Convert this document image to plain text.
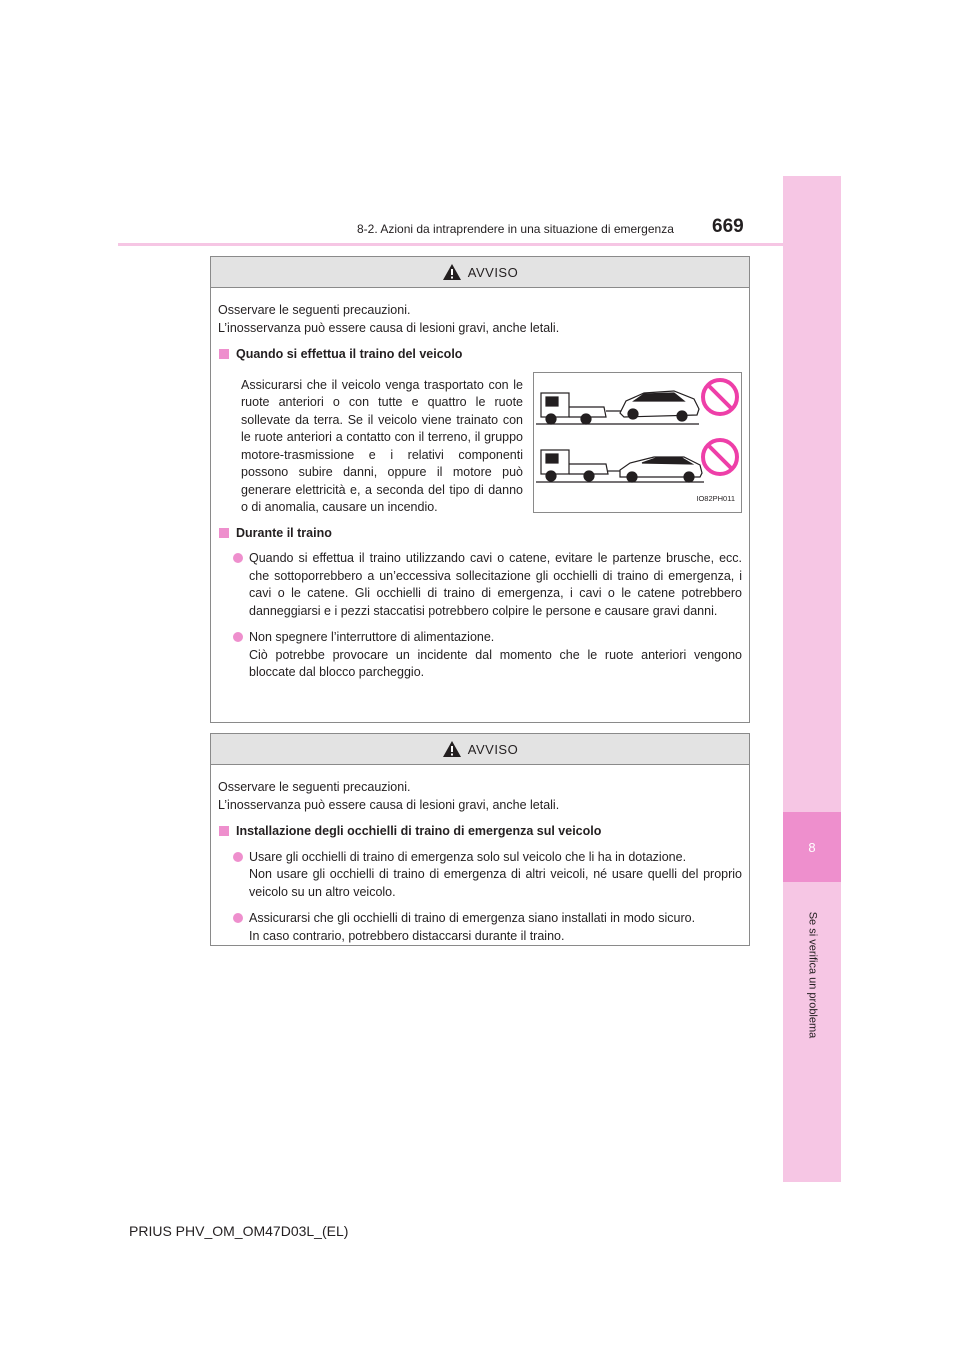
8
Se si verifica un problema
8-2. Azioni da intraprendere in una situazione di emergenza 669
AVVISO
Osservare le seguenti precauzioni.
L’inosservanza può essere causa di lesioni gravi, anche letali.
Quando si effettua il traino del veicolo
Assicurarsi che il veicolo venga trasportato con le ruote anteriori o con tutte e quattro le ruote sollevate da terra. Se il veicolo viene trainato con le ruote anteriori a contatto con il terreno, il gruppo motore-trasmissione e i relativi componenti possono subire danni, oppure il motore può generare elettricità e, a seconda del tipo di danno o di anomalia, causare un incendio.
IO82PH011
Durante il traino
Quando si effettua il traino utilizzando cavi o catene, evitare le partenze brusche, ecc. che sottoporrebbero a un’eccessiva sollecitazione gli occhielli di traino di emergenza, i cavi o le catene. Gli occhielli di traino di emergenza, i cavi o le catene potrebbero danneggiarsi e i pezzi staccatisi potrebbero colpire le persone e causare gravi danni.
Non spegnere l’interruttore di alimentazione.
Ciò potrebbe provocare un incidente dal momento che le ruote anteriori vengono bloccate dal blocco parcheggio.
AVVISO
Osservare le seguenti precauzioni.
L’inosservanza può essere causa di lesioni gravi, anche letali.
Installazione degli occhielli di traino di emergenza sul veicolo
Usare gli occhielli di traino di emergenza solo sul veicolo che li ha in dotazione.
Non usare gli occhielli di traino di emergenza di altri veicoli, né usare quelli del proprio veicolo su un altro veicolo.
Assicurarsi che gli occhielli di traino di emergenza siano installati in modo sicuro.
In caso contrario, potrebbero distaccarsi durante il traino.
PRIUS PHV_OM_OM47D03L_(EL)
